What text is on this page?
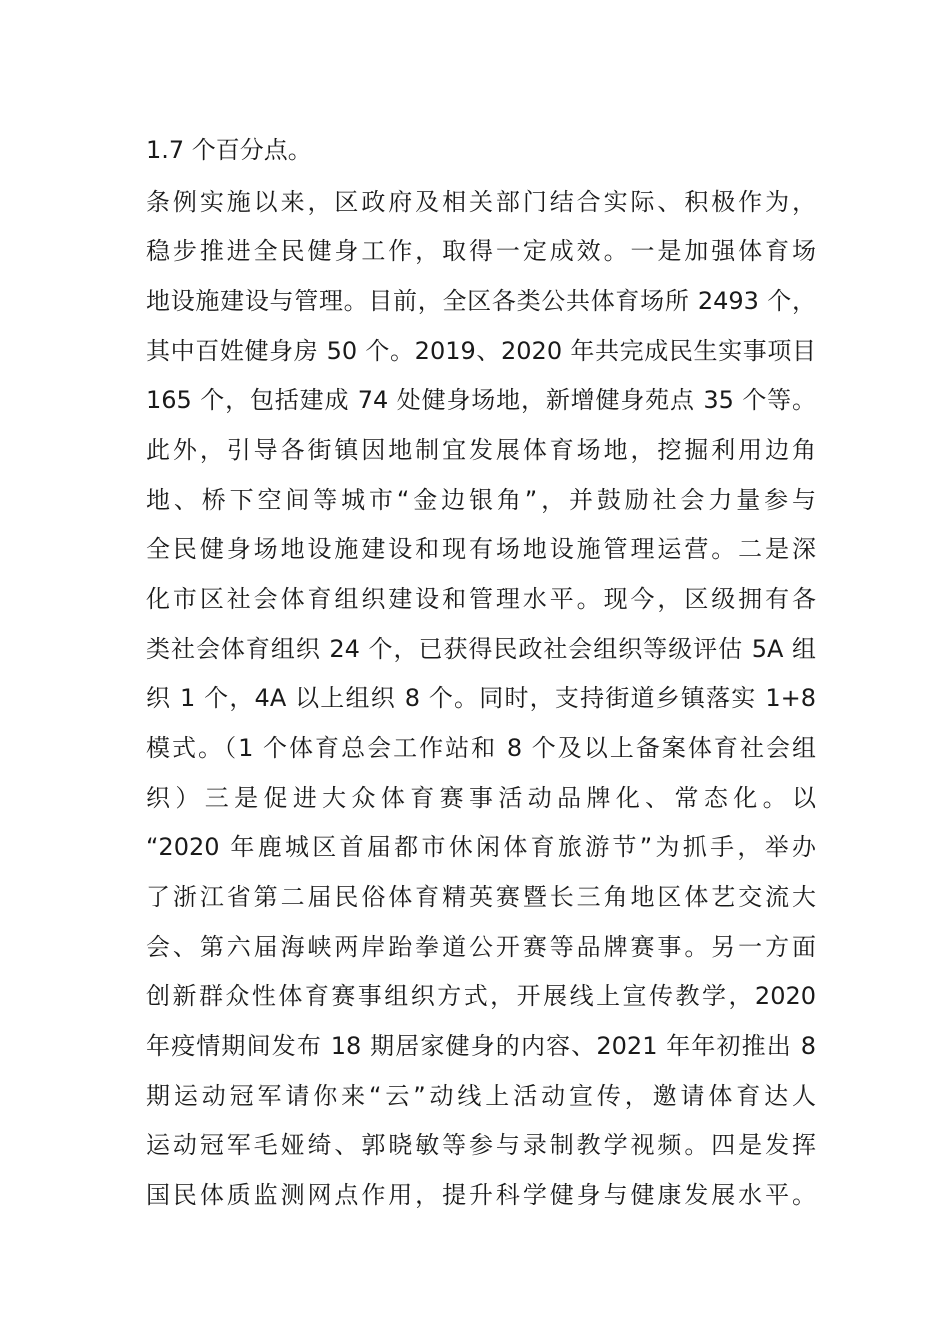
1.7 个百分点。
条例实施以来，区政府及相关部门结合实际、积极作为，
稳步推进全民健身工作，取得一定成效。一是加强体育场
地设施建设与管理。目前，全区各类公共体育场所 2493 个，
其中百姓健身房 50 个。2019、2020 年共完成民生实事项目
165 个，包括建成 74 处健身场地，新增健身苑点 35 个等。
此外，引导各街镇因地制宜发展体育场地，挖掘利用边角
地、桥下空间等城市“金边银角”，并鼓励社会力量参与
全民健身场地设施建设和现有场地设施管理运营。二是深
化市区社会体育组织建设和管理水平。现今，区级拥有各
类社会体育组织 24 个，已获得民政社会组织等级评估 5A 组
织 1 个，4A 以上组织 8 个。同时，支持街道乡镇落实 1+8
模式。（1 个体育总会工作站和 8 个及以上备案体育社会组
织）三是促进大众体育赛事活动品牌化、常态化。以
“2020 年鹿城区首届都市休闲体育旅游节”为抓手，举办
了浙江省第二届民俗体育精英赛暨长三角地区体艺交流大
会、第六届海峡两岸跆拳道公开赛等品牌赛事。另一方面
创新群众性体育赛事组织方式，开展线上宣传教学，2020
年疫情期间发布 18 期居家健身的内容、2021 年年初推出 8
期运动冠军请你来“云”动线上活动宣传，邀请体育达人
运动冠军毛娅绮、郭晓敏等参与录制教学视频。四是发挥
国民体质监测网点作用，提升科学健身与健康发展水平。
